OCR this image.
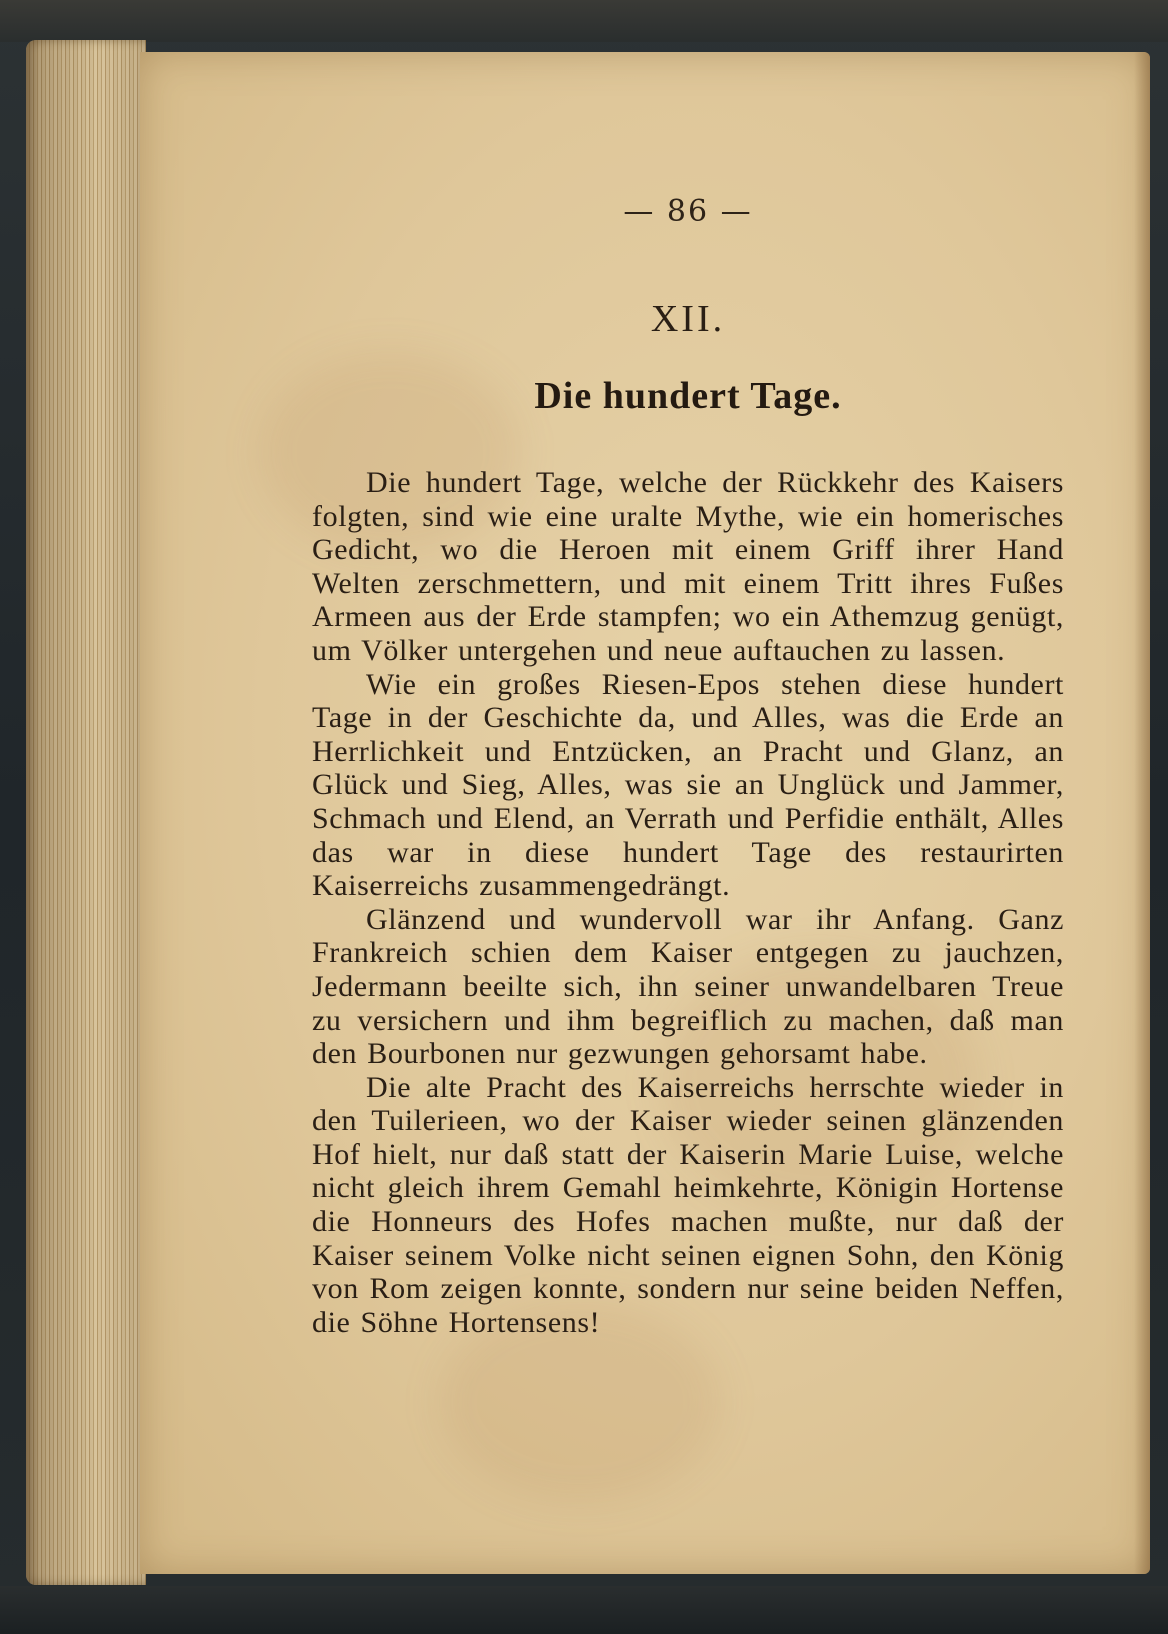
— 86 —
XII.
Die hundert Tage.

Die hundert Tage, welche der Rückkehr des Kaisers folgten, sind wie eine uralte Mythe, wie ein homerisches Gedicht, wo die Heroen mit einem Griff ihrer Hand Welten zerschmettern, und mit einem Tritt ihres Fußes Armeen aus der Erde stampfen; wo ein Athemzug genügt, um Völker untergehen und neue auftauchen zu lassen.

Wie ein großes Riesen-Epos stehen diese hundert Tage in der Geschichte da, und Alles, was die Erde an Herrlichkeit und Entzücken, an Pracht und Glanz, an Glück und Sieg, Alles, was sie an Unglück und Jammer, Schmach und Elend, an Verrath und Perfidie enthält, Alles das war in diese hundert Tage des restaurirten Kaiserreichs zusammengedrängt.

Glänzend und wundervoll war ihr Anfang. Ganz Frankreich schien dem Kaiser entgegen zu jauchzen, Jedermann beeilte sich, ihn seiner unwandelbaren Treue zu versichern und ihm begreiflich zu machen, daß man den Bourbonen nur gezwungen gehorsamt habe.

Die alte Pracht des Kaiserreichs herrschte wieder in den Tuilerieen, wo der Kaiser wieder seinen glänzenden Hof hielt, nur daß statt der Kaiserin Marie Luise, welche nicht gleich ihrem Gemahl heimkehrte, Königin Hortense die Honneurs des Hofes machen mußte, nur daß der Kaiser seinem Volke nicht seinen eignen Sohn, den König von Rom zeigen konnte, sondern nur seine beiden Neffen, die Söhne Hortensens!
